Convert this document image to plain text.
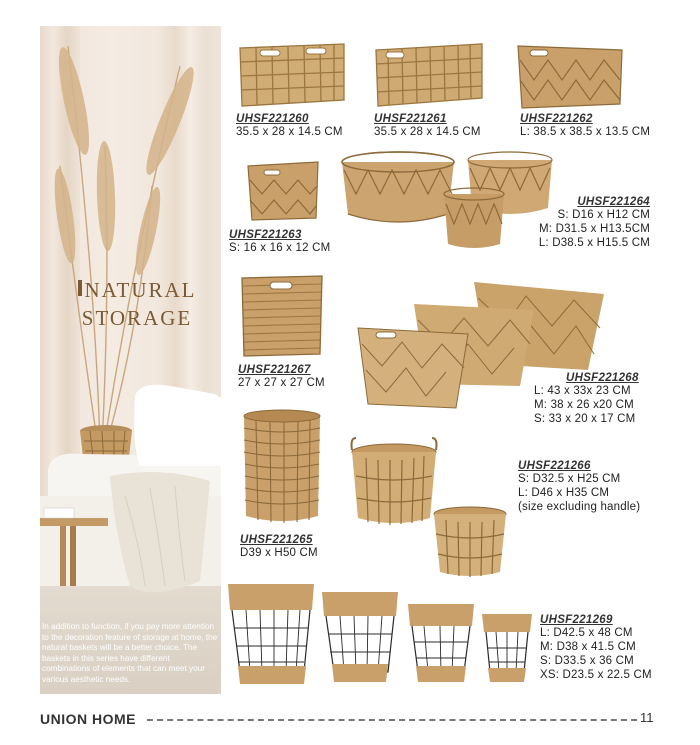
NATURAL
STORAGE
In addition to function, if you pay more attention to the decoration feature of storage at home, the natural baskets will be a better choice. The baskets in this series have different combinations of elements that can meet your various aesthetic needs.
UHSF221260
35.5 x 28 x 14.5 CM
UHSF221261
35.5 x 28 x 14.5 CM
UHSF221262
L: 38.5 x 38.5 x 13.5 CM
UHSF221263
S: 16 x 16 x 12 CM
UHSF221264
S: D16 x H12 CM
M: D31.5 x H13.5CM
L: D38.5 x H15.5 CM
UHSF221267
27 x 27 x 27 CM	UHSF221268
L: 43 x 33x 23 CM
M: 38 x 26 x20 CM
S: 33 x 20 x 17 CM
UHSF221266
S: D32.5 x H25 CM
L: D46 x H35 CM
(size excluding handle)
UHSF221265
D39 x H50 CM
UHSF221269
L: D42.5 x 48 CM
M: D38 x 41.5 CM
S: D33.5 x 36 CM
XS: D23.5 x 22.5 CM
UNION HOME	11
